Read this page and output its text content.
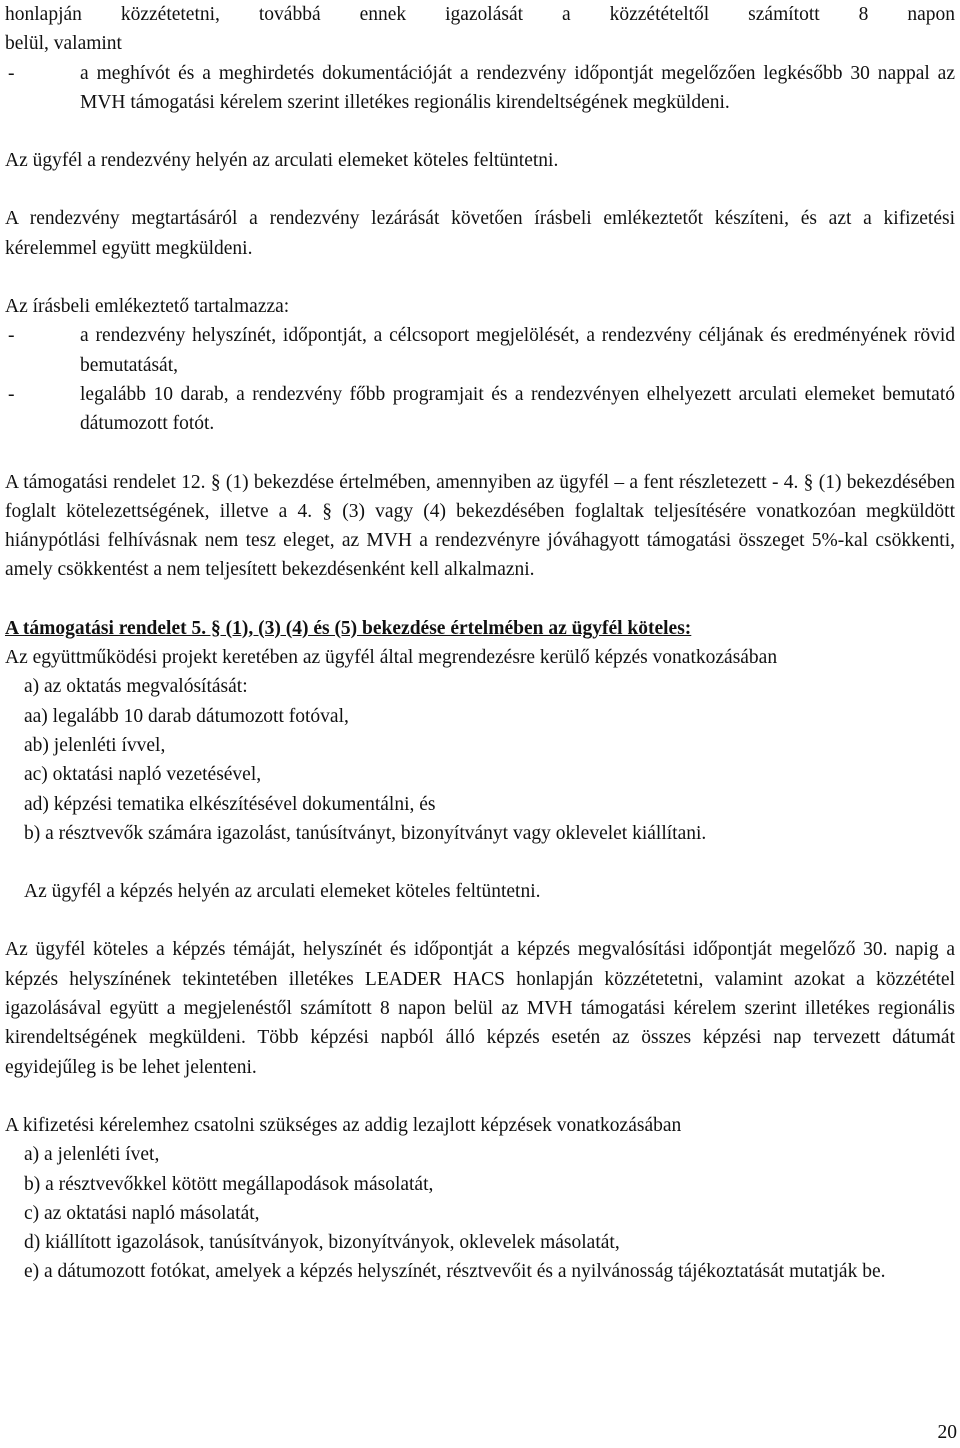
honlapján közzétetetni, továbbá ennek igazolását a közzétételtől számított 8 napon
belül, valamint

-	a meghívót és a meghirdetés dokumentációját a rendezvény időpontját megelőzően legkésőbb 30 nappal az MVH támogatási kérelem szerint illetékes regionális kirendeltségének megküldeni.

Az ügyfél a rendezvény helyén az arculati elemeket köteles feltüntetni.

A rendezvény megtartásáról a rendezvény lezárását követően írásbeli emlékeztetőt készíteni, és azt a kifizetési kérelemmel együtt megküldeni.

Az írásbeli emlékeztető tartalmazza:

-	a rendezvény helyszínét, időpontját, a célcsoport megjelölését, a rendezvény céljának és eredményének rövid bemutatását,
-	legalább 10 darab, a rendezvény főbb programjait és a rendezvényen elhelyezett arculati elemeket bemutató dátumozott fotót.

A támogatási rendelet 12. § (1) bekezdése értelmében, amennyiben az ügyfél – a fent részletezett - 4. § (1) bekezdésében foglalt kötelezettségének, illetve a 4. § (3) vagy (4) bekezdésében foglaltak teljesítésére vonatkozóan megküldött hiánypótlási felhívásnak nem tesz eleget, az MVH a rendezvényre jóváhagyott támogatási összeget 5%-kal csökkenti, amely csökkentést a nem teljesített bekezdésenként kell alkalmazni.

A támogatási rendelet 5. § (1), (3) (4) és (5) bekezdése értelmében az ügyfél köteles:

Az együttműködési projekt keretében az ügyfél által megrendezésre kerülő képzés vonatkozásában

a) az oktatás megvalósítását:

aa) legalább 10 darab dátumozott fotóval,

ab) jelenléti ívvel,

ac) oktatási napló vezetésével,

ad) képzési tematika elkészítésével dokumentálni, és

b) a résztvevők számára igazolást, tanúsítványt, bizonyítványt vagy oklevelet kiállítani.

Az ügyfél a képzés helyén az arculati elemeket köteles feltüntetni.

Az ügyfél köteles a képzés témáját, helyszínét és időpontját a képzés megvalósítási időpontját megelőző 30. napig a képzés helyszínének tekintetében illetékes LEADER HACS honlapján közzétetetni, valamint azokat a közzététel igazolásával együtt a megjelenéstől számított 8 napon belül az MVH támogatási kérelem szerint illetékes regionális kirendeltségének megküldeni. Több képzési napból álló képzés esetén az összes képzési nap tervezett dátumát egyidejűleg is be lehet jelenteni.

A kifizetési kérelemhez csatolni szükséges az addig lezajlott képzések vonatkozásában

a) a jelenléti ívet,

b) a résztvevőkkel kötött megállapodások másolatát,

c) az oktatási napló másolatát,

d) kiállított igazolások, tanúsítványok, bizonyítványok, oklevelek másolatát,

e) a dátumozott fotókat, amelyek a képzés helyszínét, résztvevőit és a nyilvánosság tájékoztatását mutatják be.

20
